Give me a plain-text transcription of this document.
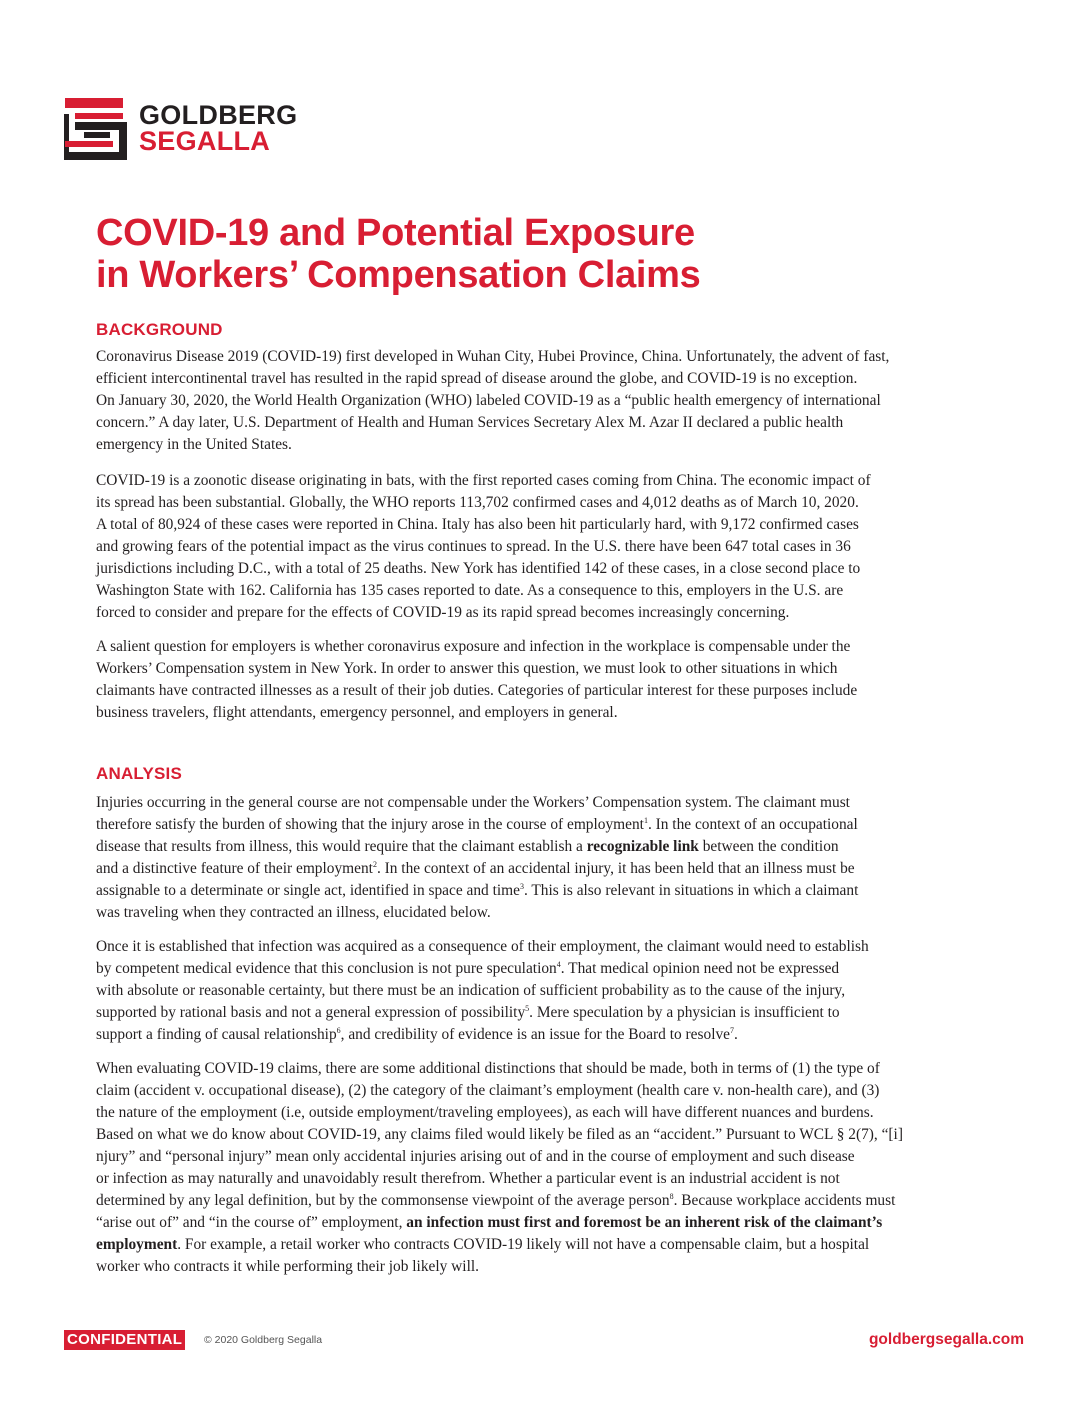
GOLDBERG
SEGALLA
COVID-19 and Potential Exposure
in Workers’ Compensation Claims
BACKGROUND
Coronavirus Disease 2019 (COVID-19) first developed in Wuhan City, Hubei Province, China. Unfortunately, the advent of fast,
efficient intercontinental travel has resulted in the rapid spread of disease around the globe, and COVID-19 is no exception.
On January 30, 2020, the World Health Organization (WHO) labeled COVID-19 as a “public health emergency of international
concern.” A day later, U.S. Department of Health and Human Services Secretary Alex M. Azar II declared a public health
emergency in the United States.
COVID-19 is a zoonotic disease originating in bats, with the first reported cases coming from China. The economic impact of
its spread has been substantial. Globally, the WHO reports 113,702 confirmed cases and 4,012 deaths as of March 10, 2020.
A total of 80,924 of these cases were reported in China. Italy has also been hit particularly hard, with 9,172 confirmed cases
and growing fears of the potential impact as the virus continues to spread. In the U.S. there have been 647 total cases in 36
jurisdictions including D.C., with a total of 25 deaths. New York has identified 142 of these cases, in a close second place to
Washington State with 162. California has 135 cases reported to date. As a consequence to this, employers in the U.S. are
forced to consider and prepare for the effects of COVID-19 as its rapid spread becomes increasingly concerning.
A salient question for employers is whether coronavirus exposure and infection in the workplace is compensable under the
Workers’ Compensation system in New York. In order to answer this question, we must look to other situations in which
claimants have contracted illnesses as a result of their job duties. Categories of particular interest for these purposes include
business travelers, flight attendants, emergency personnel, and employers in general.
ANALYSIS
Injuries occurring in the general course are not compensable under the Workers’ Compensation system. The claimant must
therefore satisfy the burden of showing that the injury arose in the course of employment$^1$. In the context of an occupational
disease that results from illness, this would require that the claimant establish a recognizable link between the condition
and a distinctive feature of their employment$^2$. In the context of an accidental injury, it has been held that an illness must be
assignable to a determinate or single act, identified in space and time$^3$. This is also relevant in situations in which a claimant
was traveling when they contracted an illness, elucidated below.
Once it is established that infection was acquired as a consequence of their employment, the claimant would need to establish
by competent medical evidence that this conclusion is not pure speculation$^4$. That medical opinion need not be expressed
with absolute or reasonable certainty, but there must be an indication of sufficient probability as to the cause of the injury,
supported by rational basis and not a general expression of possibility$^5$. Mere speculation by a physician is insufficient to
support a finding of causal relationship$^6$, and credibility of evidence is an issue for the Board to resolve$^7$.
When evaluating COVID-19 claims, there are some additional distinctions that should be made, both in terms of (1) the type of
claim (accident v. occupational disease), (2) the category of the claimant’s employment (health care v. non-health care), and (3)
the nature of the employment (i.e, outside employment/traveling employees), as each will have different nuances and burdens.
Based on what we do know about COVID-19, any claims filed would likely be filed as an “accident.” Pursuant to WCL § 2(7), “[i]
njury” and “personal injury” mean only accidental injuries arising out of and in the course of employment and such disease
or infection as may naturally and unavoidably result therefrom. Whether a particular event is an industrial accident is not
determined by any legal definition, but by the commonsense viewpoint of the average person$^8$. Because workplace accidents must
“arise out of” and “in the course of” employment, an infection must first and foremost be an inherent risk of the claimant’s
employment. For example, a retail worker who contracts COVID-19 likely will not have a compensable claim, but a hospital
worker who contracts it while performing their job likely will.
CONFIDENTIAL © 2020 Goldberg Segalla	goldbergsegalla.com
